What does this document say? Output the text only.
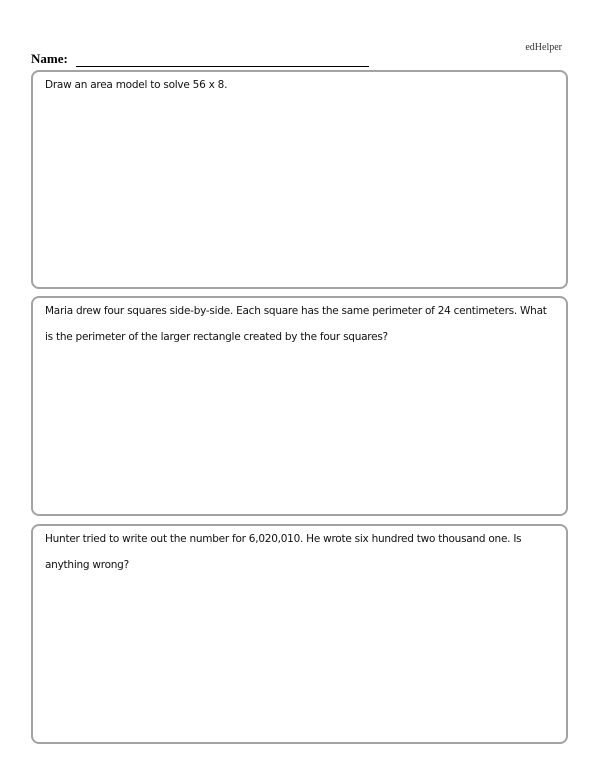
edHelper
Name:

Draw an area model to solve 56 x 8.

Maria drew four squares side-by-side. Each square has the same perimeter of 24 centimeters. What is the perimeter of the larger rectangle created by the four squares?

Hunter tried to write out the number for 6,020,010. He wrote six hundred two thousand one. Is anything wrong?
